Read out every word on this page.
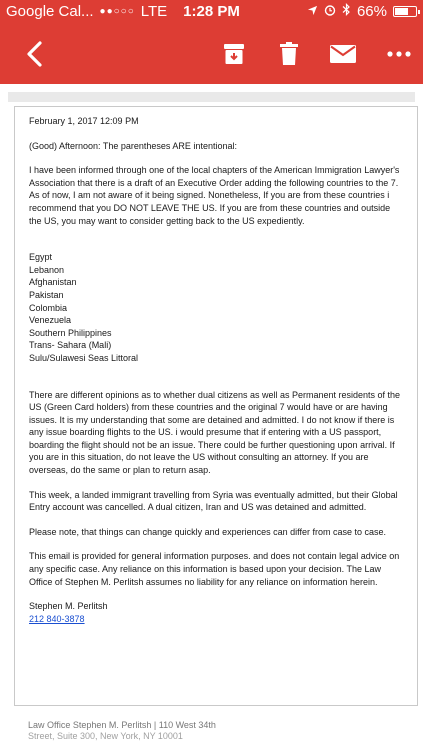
Google Cal... ●●○○○ LTE	1:28 PM	66%

February 1, 2017 12:09 PM

(Good) Afternoon: The parentheses ARE intentional:

I have been informed through one of the local chapters of the American Immigration Lawyer's Association that there is a draft of an Executive Order adding the following countries to the 7. As of now, I am not aware of it being signed. Nonetheless, If you are from these countries i recommend that you DO NOT LEAVE THE US. If you are from these countries and outside the US, you may want to consider getting back to the US expediently.

Egypt

Lebanon

Afghanistan

Pakistan

Colombia

Venezuela

Southern Philippines

Trans- Sahara (Mali)

Sulu/Sulawesi Seas Littoral

There are different opinions as to whether dual citizens as well as Permanent residents of the US (Green Card holders) from these countries and the original 7 would have or are having issues. It is my understanding that some are detained and admitted. I do not know if there is any issue boarding flights to the US. i would presume that if entering with a US passport, boarding the flight should not be an issue. There could be further questioning upon arrival. If you are in this situation, do not leave the US without consulting an attorney. If you are overseas, do the same or plan to return asap.

This week, a landed immigrant travelling from Syria was eventually admitted, but their Global Entry account was cancelled. A dual citizen, Iran and US was detained and admitted.

Please note, that things can change quickly and experiences can differ from case to case.

This email is provided for general information purposes. and does not contain legal advice on any specific case. Any reliance on this information is based upon your decision. The Law Office of Stephen M. Perlitsh assumes no liability for any reliance on information herein.

Stephen M. Perlitsh

212 840-3878

Law Office Stephen M. Perlitsh | 110 West 34th
Street, Suite 300, New York, NY 10001
